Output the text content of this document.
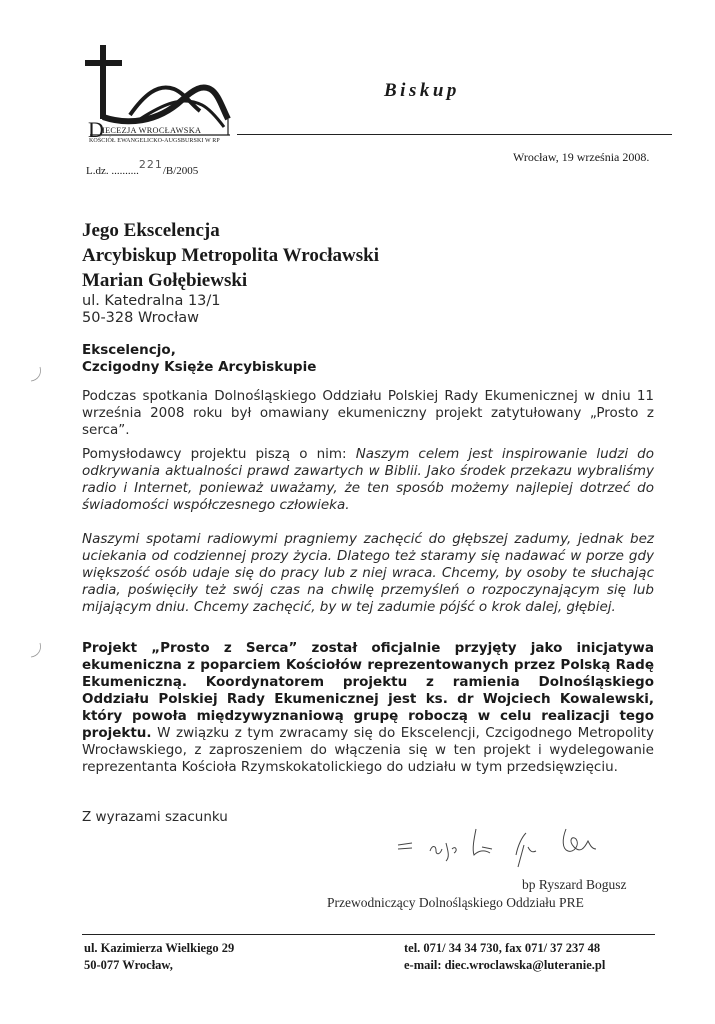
D
IECEZJA WROCŁAWSKA
KOŚCIÓŁ EWANGELICKO-AUGSBURSKI W RP
Biskup
L.dz. ..........221/B/2005
Wrocław, 19 września 2008.
Jego Ekscelencja
Arcybiskup Metropolita Wrocławski
Marian Gołębiewski
ul. Katedralna 13/1
50-328 Wrocław
Ekscelencjo,
Czcigodny Księże Arcybiskupie
Podczas spotkania Dolnośląskiego Oddziału Polskiej Rady Ekumenicznej w dniu 11 września 2008 roku był omawiany ekumeniczny projekt zatytułowany „Prosto z serca”.
Pomysłodawcy projektu piszą o nim: Naszym celem jest inspirowanie ludzi do odkrywania aktualności prawd zawartych w Biblii. Jako środek przekazu wybraliśmy radio i Internet, ponieważ uważamy, że ten sposób możemy najlepiej dotrzeć do świadomości współczesnego człowieka.
Naszymi spotami radiowymi pragniemy zachęcić do głębszej zadumy, jednak bez uciekania od codziennej prozy życia. Dlatego też staramy się nadawać w porze gdy większość osób udaje się do pracy lub z niej wraca. Chcemy, by osoby te słuchając radia, poświęciły też swój czas na chwilę przemyśleń o rozpoczynającym się lub mijającym dniu. Chcemy zachęcić, by w tej zadumie pójść o krok dalej, głębiej.
Projekt „Prosto z Serca” został oficjalnie przyjęty jako inicjatywa ekumeniczna z poparciem Kościołów reprezentowanych przez Polską Radę Ekumeniczną. Koordynatorem projektu z ramienia Dolnośląskiego Oddziału Polskiej Rady Ekumenicznej jest ks. dr Wojciech Kowalewski, który powoła międzywyznaniową grupę roboczą w celu realizacji tego projektu. W związku z tym zwracamy się do Ekscelencji, Czcigodnego Metropolity Wrocławskiego, z zaproszeniem do włączenia się w ten projekt i wydelegowanie reprezentanta Kościoła Rzymskokatolickiego do udziału w tym przedsięwzięciu.
Z wyrazami szacunku
bp Ryszard Bogusz
Przewodniczący Dolnośląskiego Oddziału PRE
ul. Kazimierza Wielkiego 29
50-077 Wrocław,
tel. 071/ 34 34 730, fax 071/ 37 237 48
e-mail: diec.wroclawska@luteranie.pl
